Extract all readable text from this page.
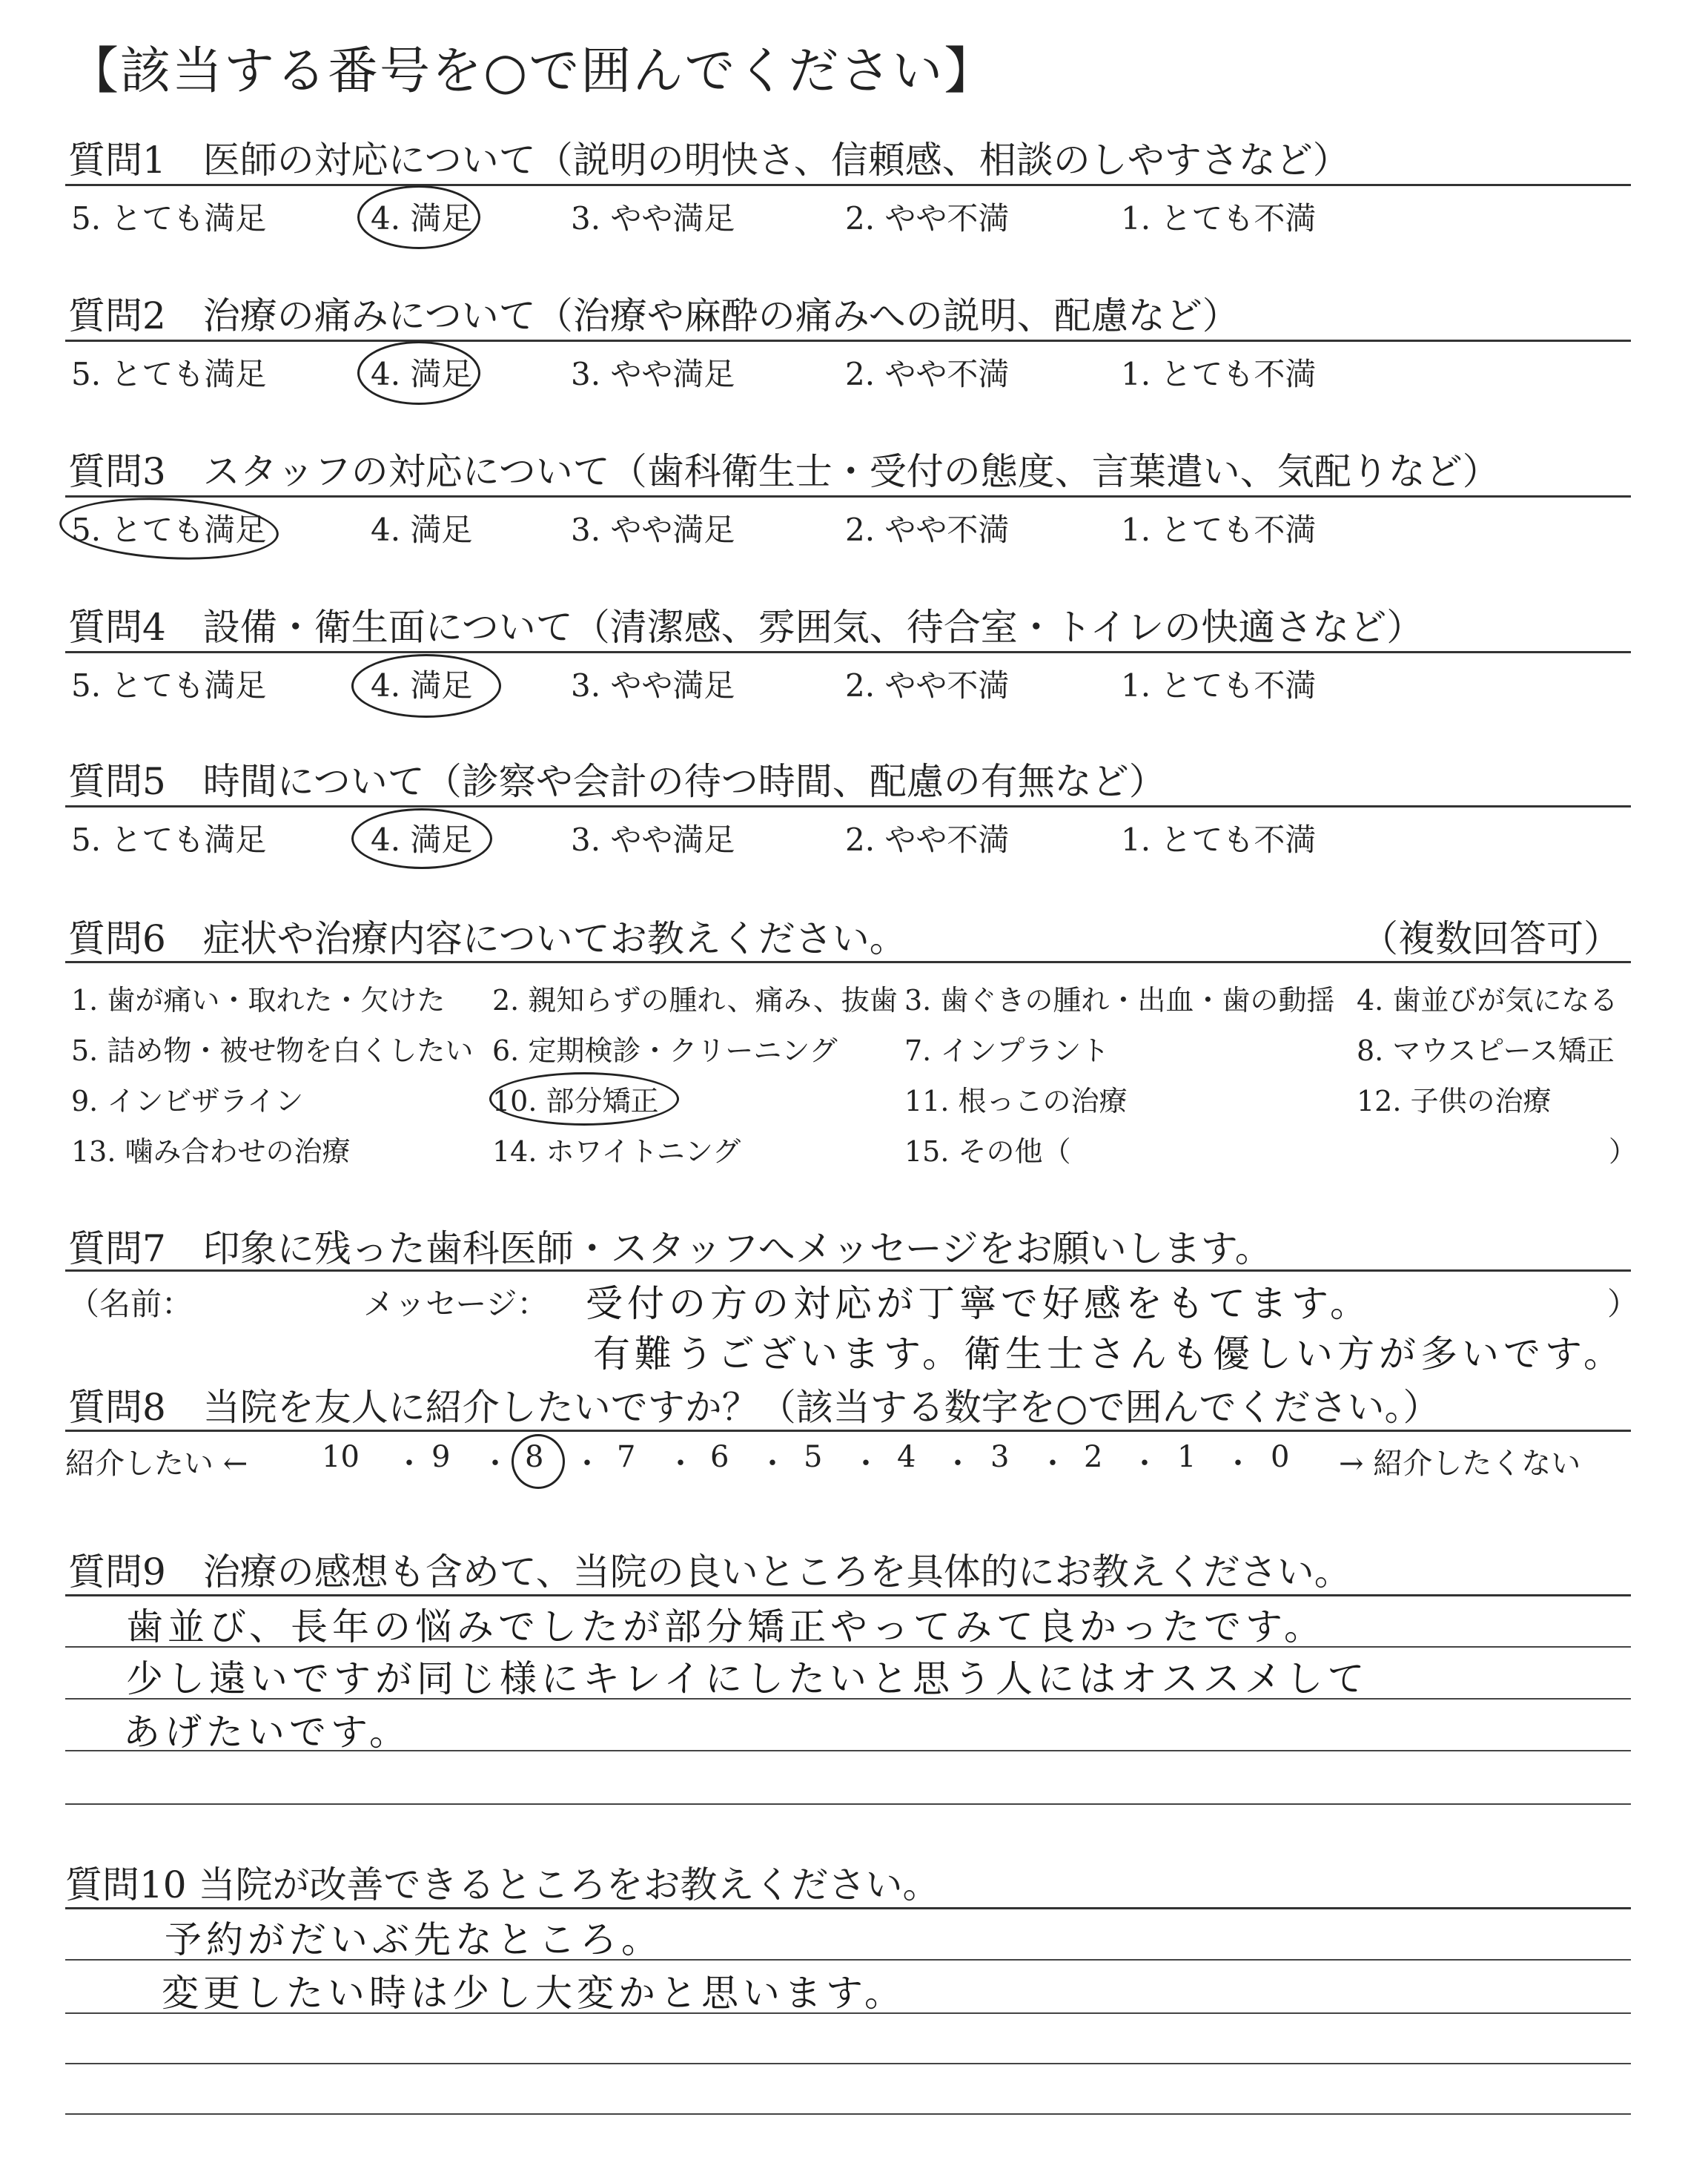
【該当する番号を○で囲んでください】
質問1　医師の対応について（説明の明快さ、信頼感、相談のしやすさなど）
5. とても満足	4. 満足	3. やや満足	2. やや不満	1. とても不満
質問2　治療の痛みについて（治療や麻酔の痛みへの説明、配慮など）
5. とても満足	4. 満足	3. やや満足	2. やや不満	1. とても不満
質問3　スタッフの対応について（歯科衛生士・受付の態度、言葉遣い、気配りなど）
5. とても満足	4. 満足	3. やや満足	2. やや不満	1. とても不満
質問4　設備・衛生面について（清潔感、雰囲気、待合室・トイレの快適さなど）
5. とても満足	4. 満足	3. やや満足	2. やや不満	1. とても不満
質問5　時間について（診察や会計の待つ時間、配慮の有無など）
5. とても満足	4. 満足	3. やや満足	2. やや不満	1. とても不満
質問6　症状や治療内容についてお教えください。	（複数回答可）
1. 歯が痛い・取れた・欠けた 2. 親知らずの腫れ、痛み、抜歯 3. 歯ぐきの腫れ・出血・歯の動揺 4. 歯並びが気になる
5. 詰め物・被せ物を白くしたい 6. 定期検診・クリーニング 7. インプラント	8. マウスピース矯正
9. インビザライン	10. 部分矯正	11. 根っこの治療	12. 子供の治療
13. 噛み合わせの治療	14. ホワイトニング	15. その他（	）
質問7　印象に残った歯科医師・スタッフへメッセージをお願いします。
（名前：	メッセージ：	）
受付の方の対応が丁寧で好感をもてます。
有難うございます。衛生士さんも優しい方が多いです。
質問8　当院を友人に紹介したいですか？（該当する数字を○で囲んでください。）
紹介したい ←	→ 紹介したくない
10 ・ 9 ・ 8 ・ 7 ・ 6 ・ 5 ・ 4 ・ 3 ・ 2 ・ 1 ・ 0
質問9　治療の感想も含めて、当院の良いところを具体的にお教えください。
歯並び、長年の悩みでしたが部分矯正やってみて良かったです。
少し遠いですが同じ様にキレイにしたいと思う人にはオススメして
あげたいです。
質問10 当院が改善できるところをお教えください。
予約がだいぶ先なところ。
変更したい時は少し大変かと思います。
